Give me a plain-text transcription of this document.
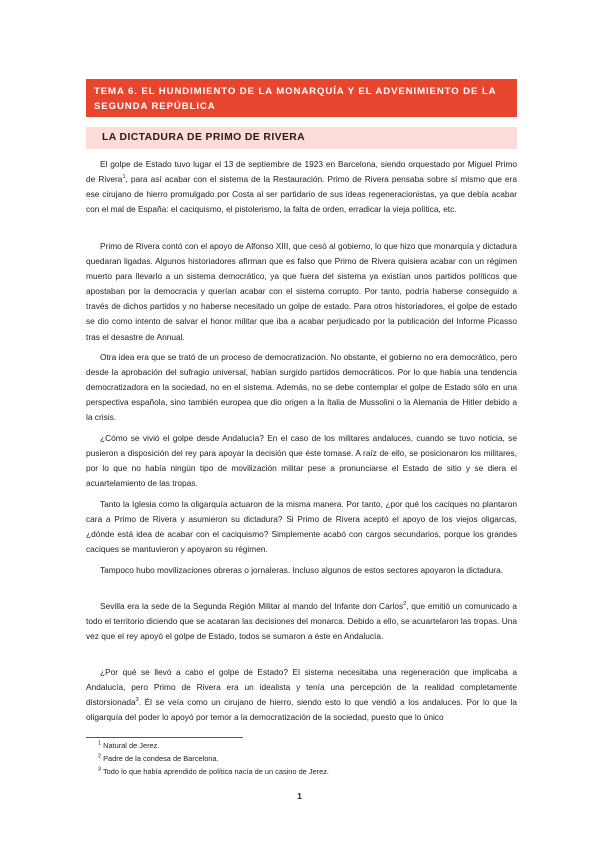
TEMA 6. EL HUNDIMIENTO DE LA MONARQUÍA Y EL ADVENIMIENTO DE LA SEGUNDA REPÚBLICA
LA DICTADURA DE PRIMO DE RIVERA

El golpe de Estado tuvo lugar el 13 de septiembre de 1923 en Barcelona, siendo orquestado por Miguel Primo de Rivera$^1$, para así acabar con el sistema de la Restauración. Primo de Rivera pensaba sobre sí mismo que era ese cirujano de hierro promulgado por Costa al ser partidario de sus ideas regeneracionistas, ya que debía acabar con el mal de España: el caciquismo, el pistolerismo, la falta de orden, erradicar la vieja política, etc.

Primo de Rivera contó con el apoyo de Alfonso XIII, que cesó al gobierno, lo que hizo que monarquía y dictadura quedaran ligadas. Algunos historiadores afirman que es falso que Primo de Rivera quisiera acabar con un régimen muerto para llevarlo a un sistema democrático, ya que fuera del sistema ya existían unos partidos políticos que apostaban por la democracia y querían acabar con el sistema corrupto. Por tanto, podría haberse conseguido a través de dichos partidos y no haberse necesitado un golpe de estado. Para otros historiadores, el golpe de estado se dio como intento de salvar el honor militar que iba a acabar perjudicado por la publicación del Informe Picasso tras el desastre de Annual.

Otra idea era que se trató de un proceso de democratización. No obstante, el gobierno no era democrático, pero desde la aprobación del sufragio universal, habían surgido partidos democráticos. Por lo que había una tendencia democratizadora en la sociedad, no en el sistema. Además, no se debe contemplar el golpe de Estado sólo en una perspectiva española, sino también europea que dio origen a la Italia de Mussolini o la Alemania de Hitler debido a la crisis.

¿Cómo se vivió el golpe desde Andalucía? En el caso de los militares andaluces, cuando se tuvo noticia, se pusieron a disposición del rey para apoyar la decisión que éste tomase. A raíz de ello, se posicionaron los militares, por lo que no había ningún tipo de movilización militar pese a pronunciarse el Estado de sitio y se diera el acuartelamiento de las tropas.

Tanto la Iglesia como la oligarquía actuaron de la misma manera. Por tanto, ¿por qué los caciques no plantaron cara a Primo de Rivera y asumieron su dictadura? Si Primo de Rivera aceptó el apoyo de los viejos oligarcas, ¿dónde está idea de acabar con el caciquismo? Simplemente acabó con cargos secundarios, porque los grandes caciques se mantuvieron y apoyaron su régimen.

Tampoco hubo movilizaciones obreras o jornaleras. Incluso algunos de estos sectores apoyaron la dictadura.

Sevilla era la sede de la Segunda Región Militar al mando del Infante don Carlos$^2$, que emitió un comunicado a todo el territorio diciendo que se acataran las decisiones del monarca. Debido a ello, se acuartelaron las tropas. Una vez que el rey apoyó el golpe de Estado, todos se sumaron a éste en Andalucía.

¿Por qué se llevó a cabo el golpe de Estado? El sistema necesitaba una regeneración que implicaba a Andalucía, pero Primo de Rivera era un idealista y tenía una percepción de la realidad completamente distorsionada$^3$. Él se veía como un cirujano de hierro, siendo esto lo que vendió a los andaluces. Por lo que la oligarquía del poder lo apoyó por temor a la democratización de la sociedad, puesto que lo único

$^1$ Natural de Jerez.
$^2$ Padre de la condesa de Barcelona.
$^3$ Todo lo que había aprendido de política nacía de un casino de Jerez.
1
